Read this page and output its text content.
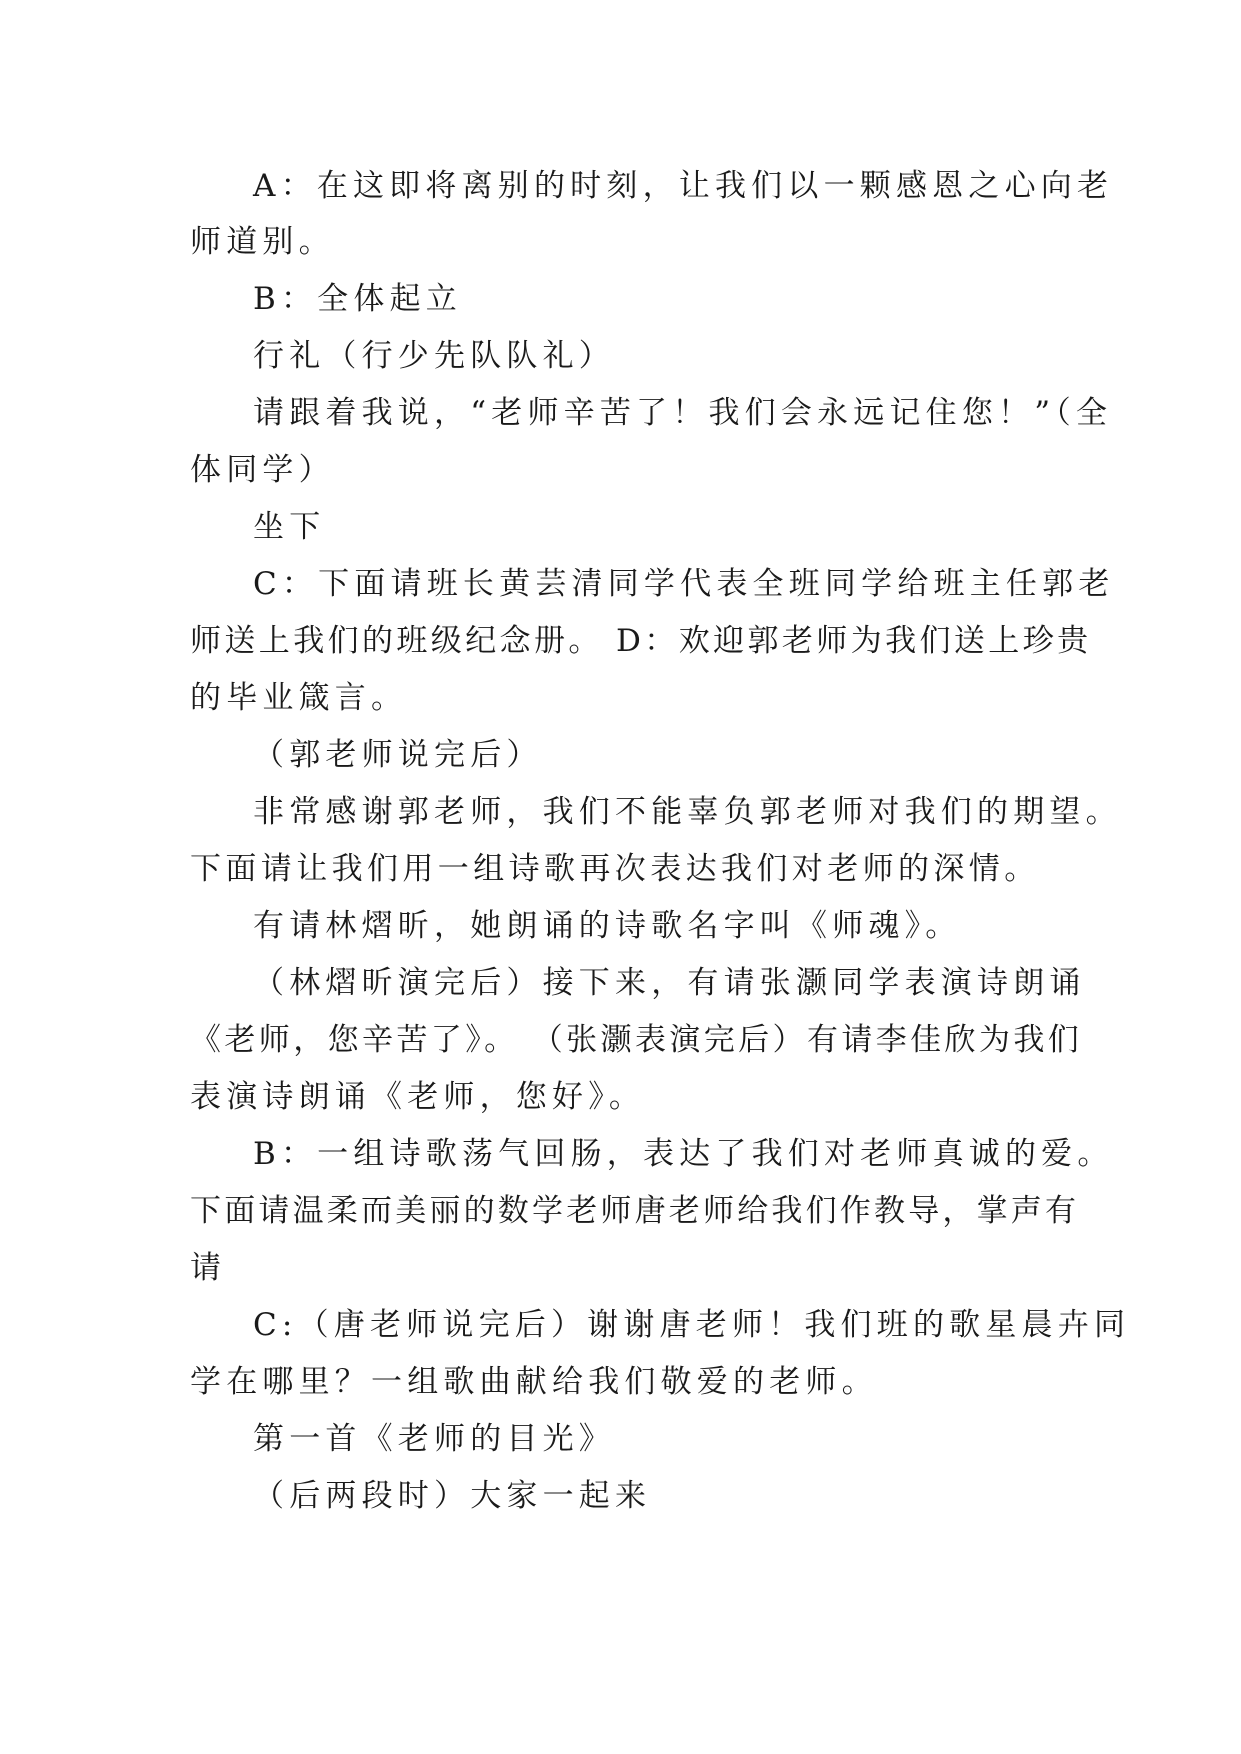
A：在这即将离别的时刻，让我们以一颗感恩之心向老
师道别。
B：全体起立
行礼（行少先队队礼）
请跟着我说，“老师辛苦了！我们会永远记住您！”（全
体同学）
坐下
C：下面请班长黄芸清同学代表全班同学给班主任郭老
师送上我们的班级纪念册。 D：欢迎郭老师为我们送上珍贵
的毕业箴言。
（郭老师说完后）
非常感谢郭老师，我们不能辜负郭老师对我们的期望。
下面请让我们用一组诗歌再次表达我们对老师的深情。
有请林熠昕，她朗诵的诗歌名字叫《师魂》。
（林熠昕演完后）接下来，有请张灏同学表演诗朗诵
《老师，您辛苦了》。 （张灏表演完后）有请李佳欣为我们
表演诗朗诵《老师，您好》。
B：一组诗歌荡气回肠，表达了我们对老师真诚的爱。
下面请温柔而美丽的数学老师唐老师给我们作教导，掌声有
请
C:（唐老师说完后）谢谢唐老师！我们班的歌星晨卉同
学在哪里？一组歌曲献给我们敬爱的老师。
第一首《老师的目光》
（后两段时）大家一起来
